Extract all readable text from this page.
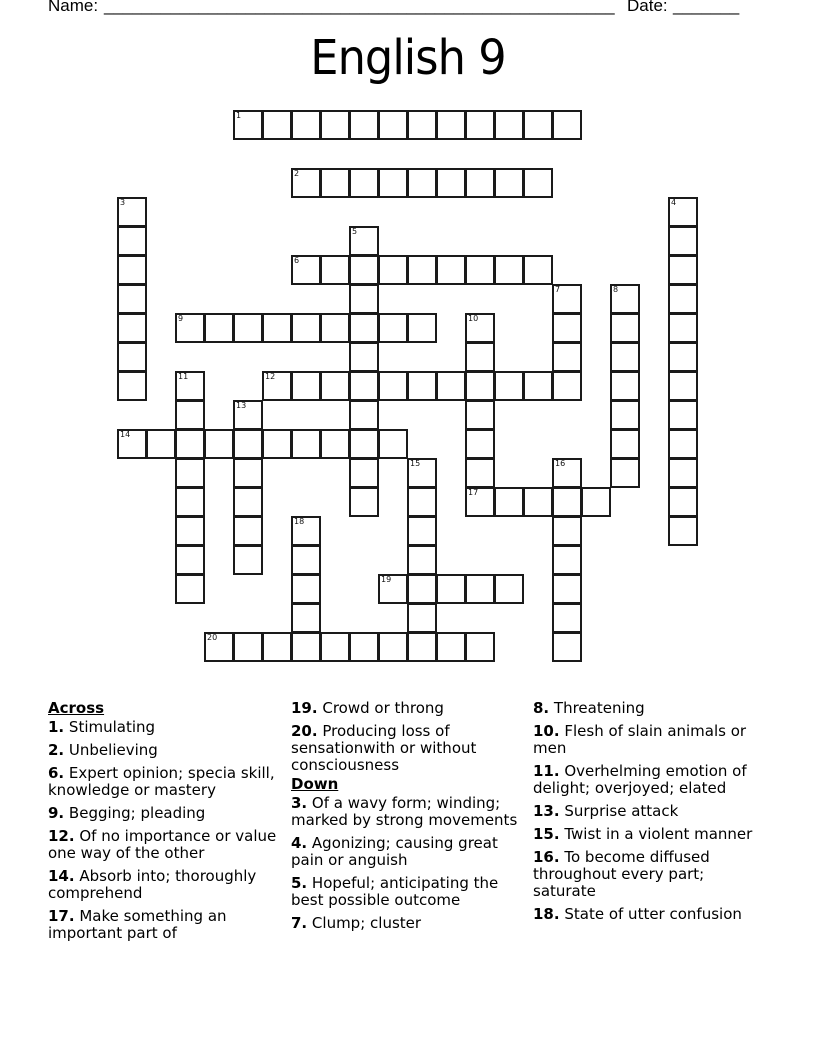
Name: ______________________________________________________ Date: _______
English 9
1
2
3	4
5
6
7	8
9	10
17
11	12
13
14
15	16
18
19
20
Across
1. Stimulating
2. Unbelieving
6. Expert opinion; specia skill, knowledge or mastery
9. Begging; pleading
12. Of no importance or value one way of the other
14. Absorb into; thoroughly comprehend
17. Make something an important part of
19. Crowd or throng
20. Producing loss of sensationwith or without consciousness
Down
3. Of a wavy form; winding; marked by strong movements
4. Agonizing; causing great pain or anguish
5. Hopeful; anticipating the best possible outcome
7. Clump; cluster
8. Threatening
10. Flesh of slain animals or men
11. Overhelming emotion of delight; overjoyed; elated
13. Surprise attack
15. Twist in a violent manner
16. To become diffused throughout every part; saturate
18. State of utter confusion
